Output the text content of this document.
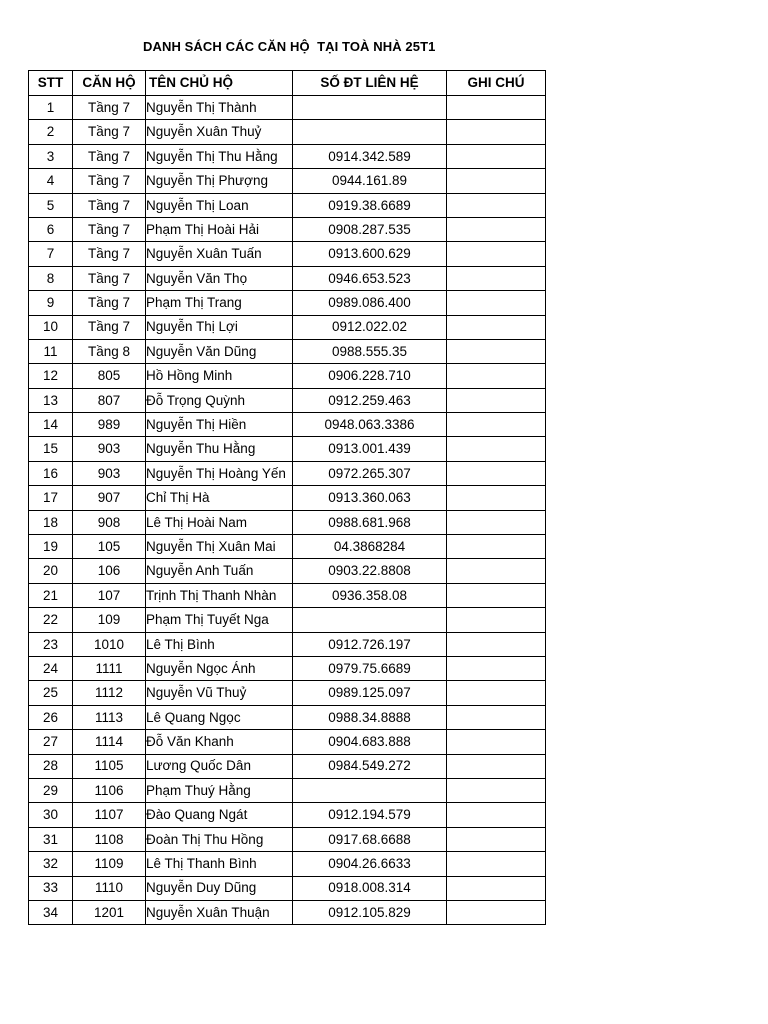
DANH SÁCH CÁC CĂN HỘ  TẠI TOÀ NHÀ 25T1
STT	CĂN HỘ	TÊN CHỦ HỘ	SỐ ĐT LIÊN HỆ	GHI CHÚ
1	Tầng 7	Nguyễn Thị Thành		
2	Tầng 7	Nguyễn Xuân Thuỷ		
3	Tầng 7	Nguyễn Thị Thu Hằng	0914.342.589	
4	Tầng 7	Nguyễn Thị Phượng	0944.161.89	
5	Tầng 7	Nguyễn Thị Loan	0919.38.6689	
6	Tầng 7	Phạm Thị Hoài Hải	0908.287.535	
7	Tầng 7	Nguyễn Xuân Tuấn	0913.600.629	
8	Tầng 7	Nguyễn Văn Thọ	0946.653.523	
9	Tầng 7	Phạm Thị Trang	0989.086.400	
10	Tầng 7	Nguyễn Thị Lợi	0912.022.02	
11	Tầng 8	Nguyễn Văn Dũng	0988.555.35	
12	805	Hồ Hồng Minh	0906.228.710	
13	807	Đỗ Trọng Quỳnh	0912.259.463	
14	989	Nguyễn Thị Hiền	0948.063.3386	
15	903	Nguyễn Thu Hằng	0913.001.439	
16	903	Nguyễn Thị Hoàng Yến	0972.265.307	
17	907	Chỉ Thị Hà	0913.360.063	
18	908	Lê Thị Hoài Nam	0988.681.968	
19	105	Nguyễn Thị Xuân Mai	04.3868284	
20	106	Nguyễn Anh Tuấn	0903.22.8808	
21	107	Trịnh Thị Thanh Nhàn	0936.358.08	
22	109	Phạm Thị Tuyết Nga		
23	1010	Lê Thị Bình	0912.726.197	
24	1111	Nguyễn Ngọc Ánh	0979.75.6689	
25	1112	Nguyễn Vũ Thuỷ	0989.125.097	
26	1113	Lê Quang Ngọc	0988.34.8888	
27	1114	Đỗ Văn Khanh	0904.683.888	
28	1105	Lương Quốc Dân	0984.549.272	
29	1106	Phạm Thuý Hằng		
30	1107	Đào Quang Ngát	0912.194.579	
31	1108	Đoàn Thị Thu Hồng	0917.68.6688	
32	1109	Lê Thị Thanh Bình	0904.26.6633	
33	1110	Nguyễn Duy Dũng	0918.008.314	
34	1201	Nguyễn Xuân Thuận	0912.105.829	
